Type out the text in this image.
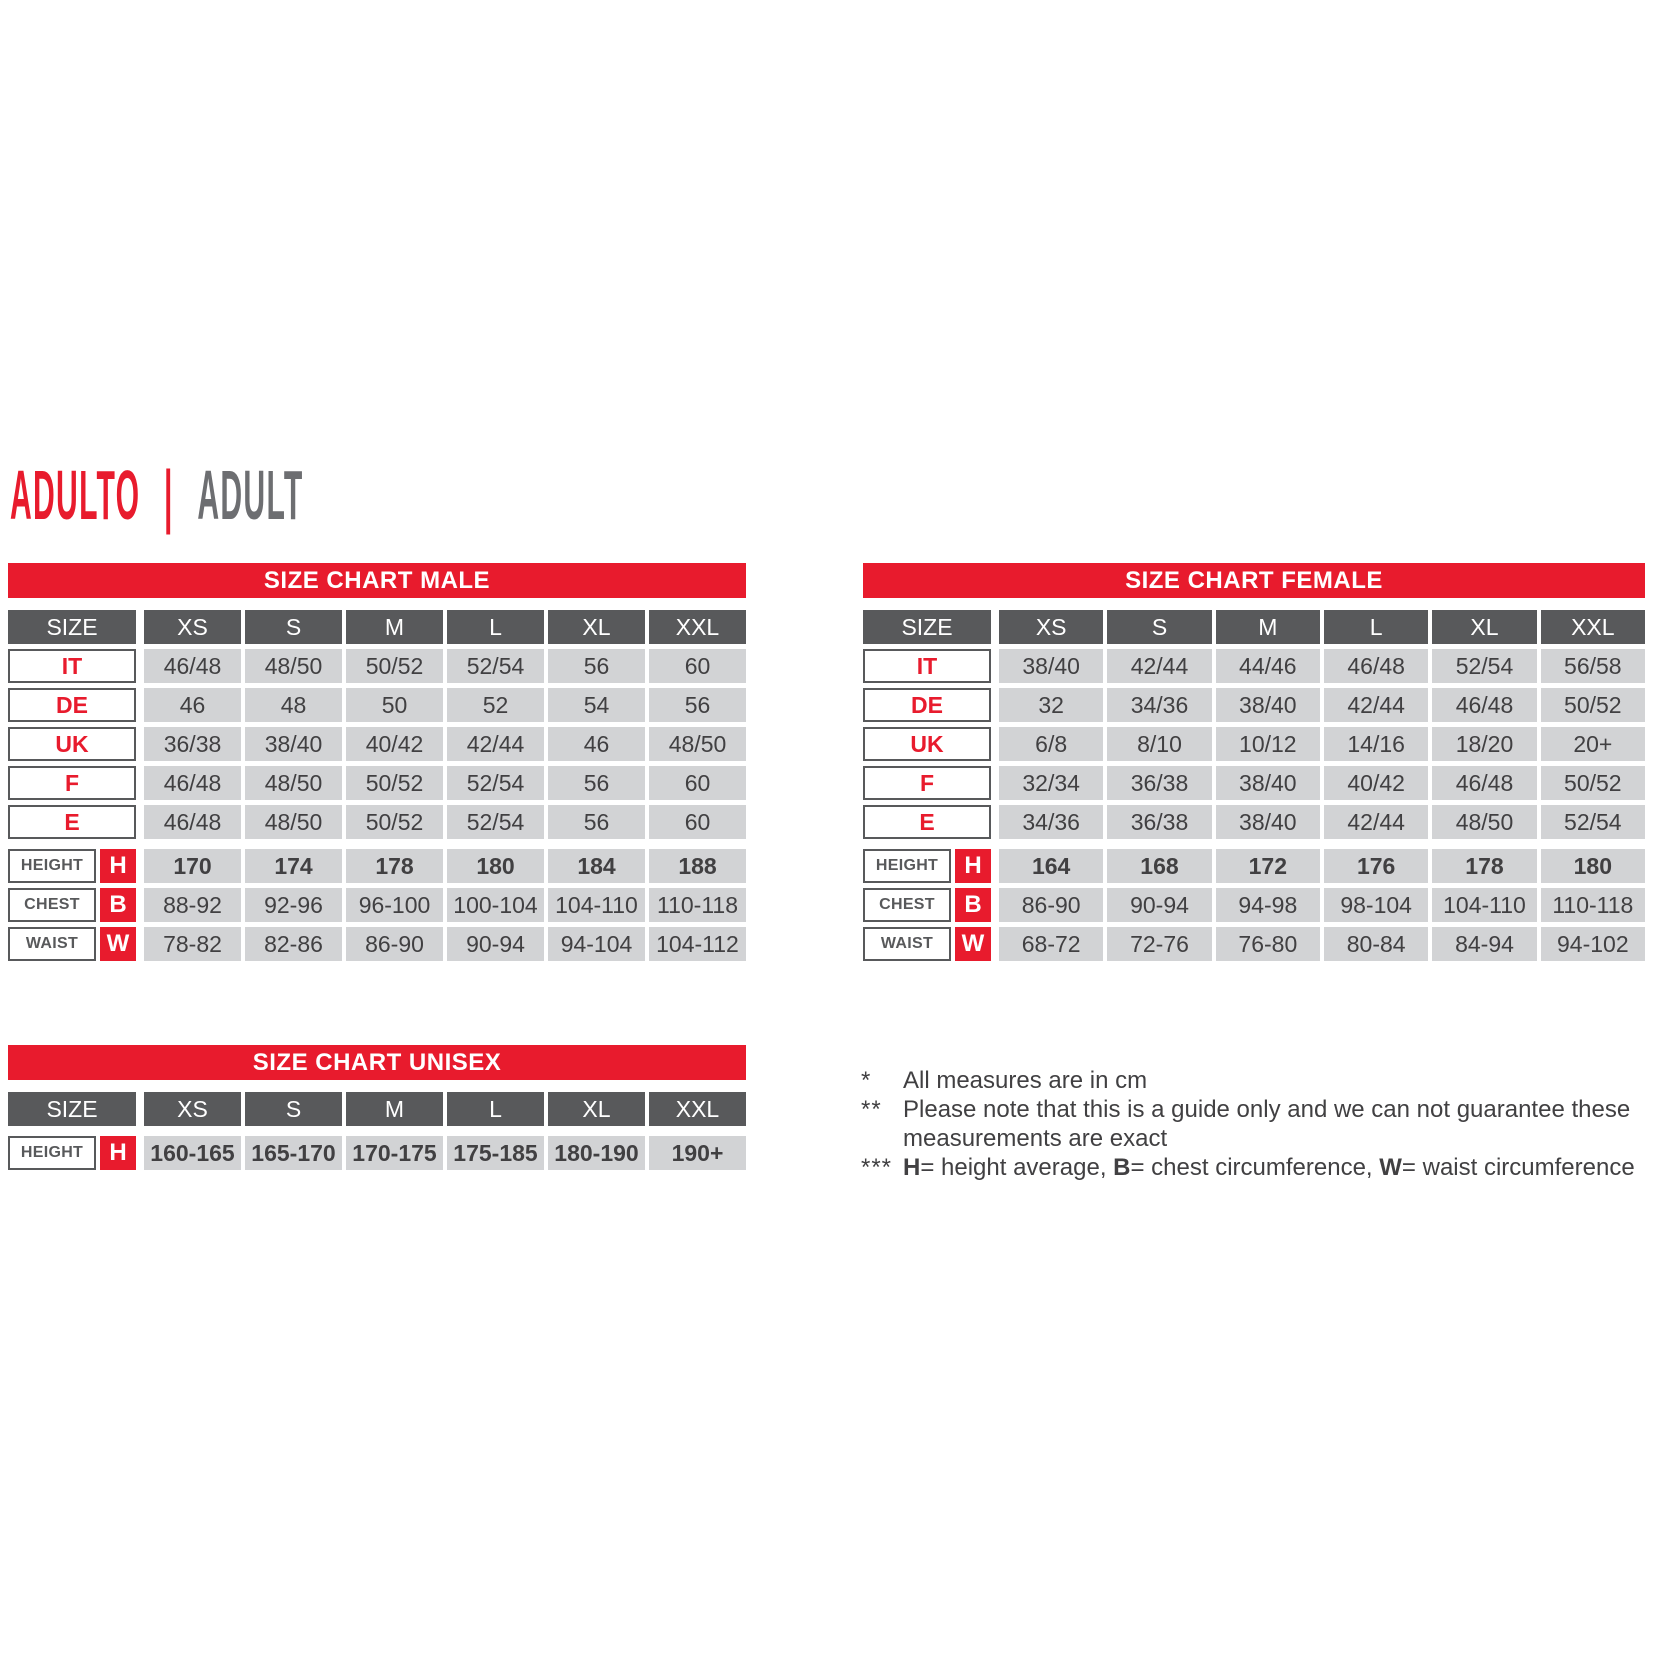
ADULTO | ADULT
SIZE CHART MALE
SIZE	XS	S	M	L	XL	XXL
IT	46/48	48/50	50/52	52/54	56	60
DE	46	48	50	52	54	56
UK	36/38	38/40	40/42	42/44	46	48/50
F	46/48	48/50	50/52	52/54	56	60
E	46/48	48/50	50/52	52/54	56	60
HEIGHT	H	170	174	178	180	184	188
CHEST	B	88-92	92-96	96-100 100-104 104-110 110-118
WAIST	W	78-82	82-86	86-90	90-94	94-104	104-112
SIZE CHART FEMALE
SIZE	XS	S	M	L	XL	XXL
IT	38/40	42/44	44/46	46/48	52/54	56/58
DE	32	34/36	38/40	42/44	46/48	50/52
UK	6/8	8/10	10/12	14/16	18/20	20+
F	32/34	36/38	38/40	40/42	46/48	50/52
E	34/36	36/38	38/40	42/44	48/50	52/54
HEIGHT	H	164	168	172	176	178	180
CHEST	B	86-90	90-94	94-98	98-104	104-110	110-118
WAIST	W	68-72	72-76	76-80	80-84	84-94	94-102
SIZE CHART UNISEX
SIZE	XS	S	M	L	XL	XXL
HEIGHT	H	160-165 165-170 170-175 175-185 180-190	190+
*	All measures are in cm
** Please note that this is a guide only and we can not guarantee these measurements are exact
*** H= height average, B= chest circumference, W= waist circumference
